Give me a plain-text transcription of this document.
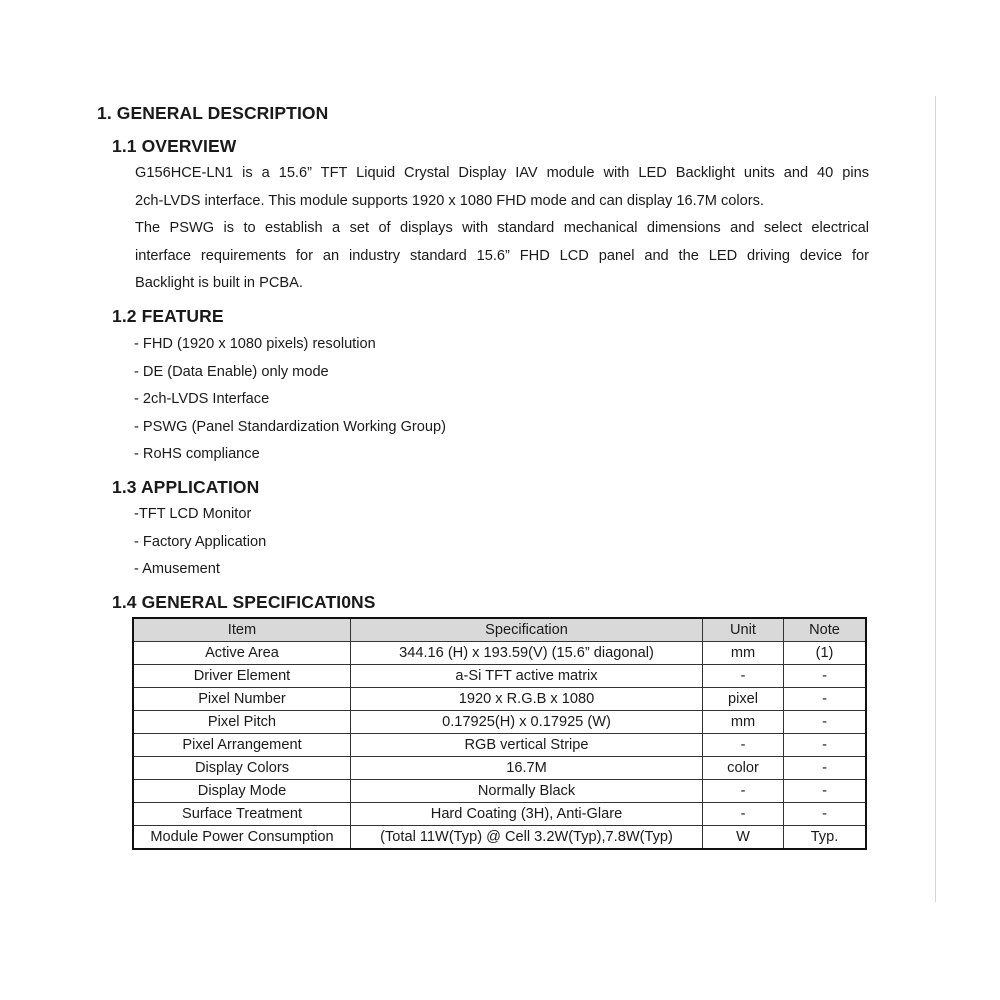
1. GENERAL DESCRIPTION
1.1 OVERVIEW
G156HCE-LN1 is a 15.6” TFT Liquid Crystal Display IAV module with LED Backlight units and 40 pins
2ch-LVDS interface. This module supports 1920 x 1080 FHD mode and can display 16.7M colors.
The PSWG is to establish a set of displays with standard mechanical dimensions and select electrical
interface requirements for an industry standard 15.6” FHD LCD panel and the LED driving device for
Backlight is built in PCBA.
1.2 FEATURE
- FHD (1920 x 1080 pixels) resolution
- DE (Data Enable) only mode
- 2ch-LVDS Interface
- PSWG (Panel Standardization Working Group)
- RoHS compliance
1.3 APPLICATION
-TFT LCD Monitor
- Factory Application
- Amusement
1.4 GENERAL SPECIFICATI0NS
Item	Specification	Unit	Note
Active Area	344.16 (H) x 193.59(V) (15.6” diagonal)	mm	(1)
Driver Element	a-Si TFT active matrix	-	-
Pixel Number	1920 x R.G.B x 1080	pixel	-
Pixel Pitch	0.17925(H) x 0.17925 (W)	mm	-
Pixel Arrangement	RGB vertical Stripe	-	-
Display Colors	16.7M	color	-
Display Mode	Normally Black	-	-
Surface Treatment	Hard Coating (3H), Anti-Glare	-	-
Module Power Consumption	(Total 11W(Typ) @ Cell 3.2W(Typ),7.8W(Typ)	W	Typ.
